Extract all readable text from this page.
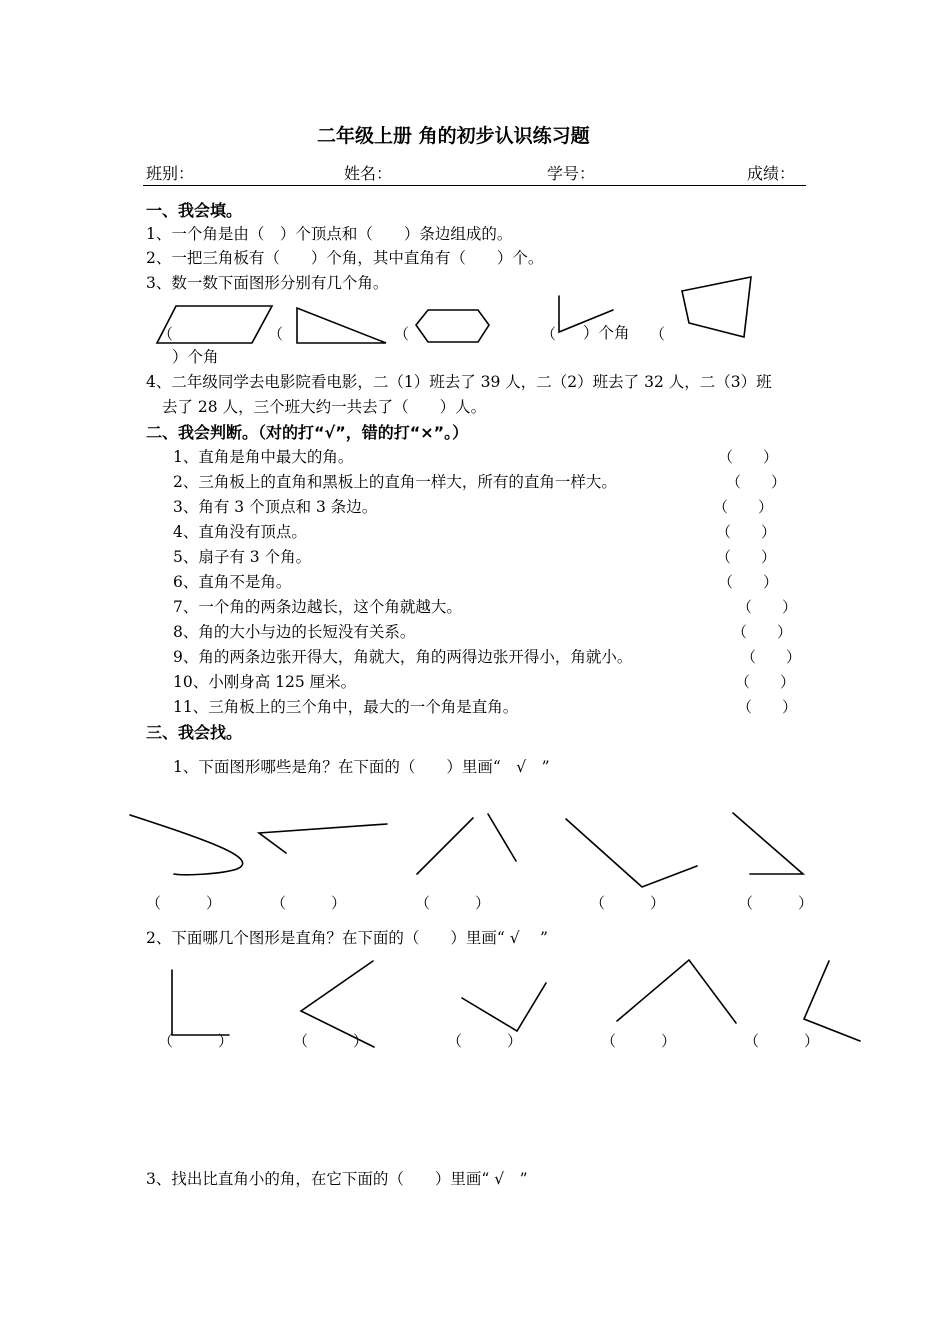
二年级上册 角的初步认识练习题
班别：	姓名：	学号：	成绩：
一、我会填。
1、一个角是由（　）个顶点和（　　）条边组成的。
2、一把三角板有（　　）个角，其中直角有（　　）个。
3、数一数下面图形分别有几个角。
（	（	（	（ ）个角 （
）个角
4、二年级同学去电影院看电影，二（1）班去了 39 人，二（2）班去了 32 人，二（3）班
去了 28 人，三个班大约一共去了（　　）人。
二、我会判断。（对的打“√”，错的打“×”。）
1、直角是角中最大的角。	（　　）
2、三角板上的直角和黑板上的直角一样大，所有的直角一样大。	（　　）
3、角有 3 个顶点和 3 条边。	（　　）
4、直角没有顶点。	（　　）
5、扇子有 3 个角。	（　　）
6、直角不是角。	（　　）
7、一个角的两条边越长，这个角就越大。	（　　）
8、角的大小与边的长短没有关系。	（　　）
9、角的两条边张开得大，角就大，角的两得边张开得小，角就小。	（　　）
10、小刚身高 125 厘米。	（　　）
11、三角板上的三个角中，最大的一个角是直角。	（　　）
三、我会找。
1、下面图形哪些是角？在下面的（　　）里画“　√　”
（　　　）	（　　　）	（　　　）	（　　　）	（　　　）
2、下面哪几个图形是直角？在下面的（　　）里画“ √　 ”
（　　　）	（　　　）	（　　　）	（　　　）	（　　　）
3、找出比直角小的角，在它下面的（　　）里画“ √　”
